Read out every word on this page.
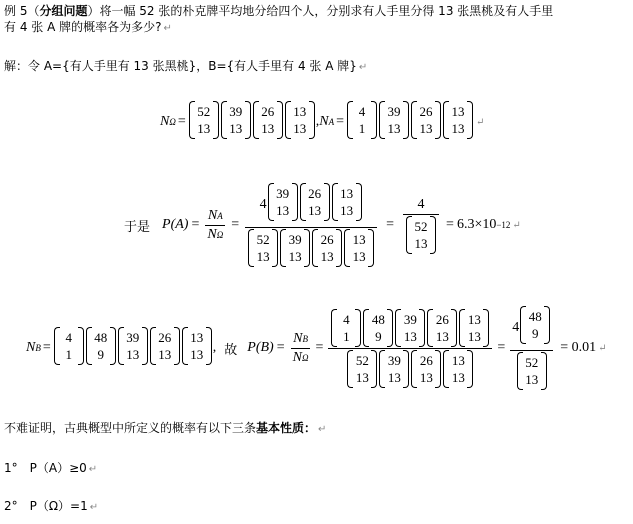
例 5（分组问题）将一幅 52 张的朴克牌平均地分给四个人，分别求有人手里分得 13 张黑桃及有人手里
有 4 张 A 牌的概率各为多少? ↵
解：令 A={有人手里有 13 张黑桃}，B={有人手里有 4 张 A 牌} ↵
N Ω =
52
13
39
13
26
13
13
13 , N A =
4
1
39
13
26
13
13
13 ↵
于是 $P(A) = \frac{\text{N A}}{\text{N Ω}} = 4$
39
13
26
13
13
13
52
13
39
13
26
13
13
13 = 4
52
13 = 6.3×10 −12 ↵
N B =
4
1
48
9
39
13
26
13
13
13 , 故 $P(B) = \frac{\text{N B}}{\text{N Ω}} = 4$
1
48
9
39
13
26
13
13
13
52
13
39
13
26
13
13
13 = 4
48
9
52
13 = 0.01 ↵
不难证明，古典概型中所定义的概率有以下三条基本性质： ↵
1°　P（A）≥0 ↵
2°　P（Ω）=1 ↵
